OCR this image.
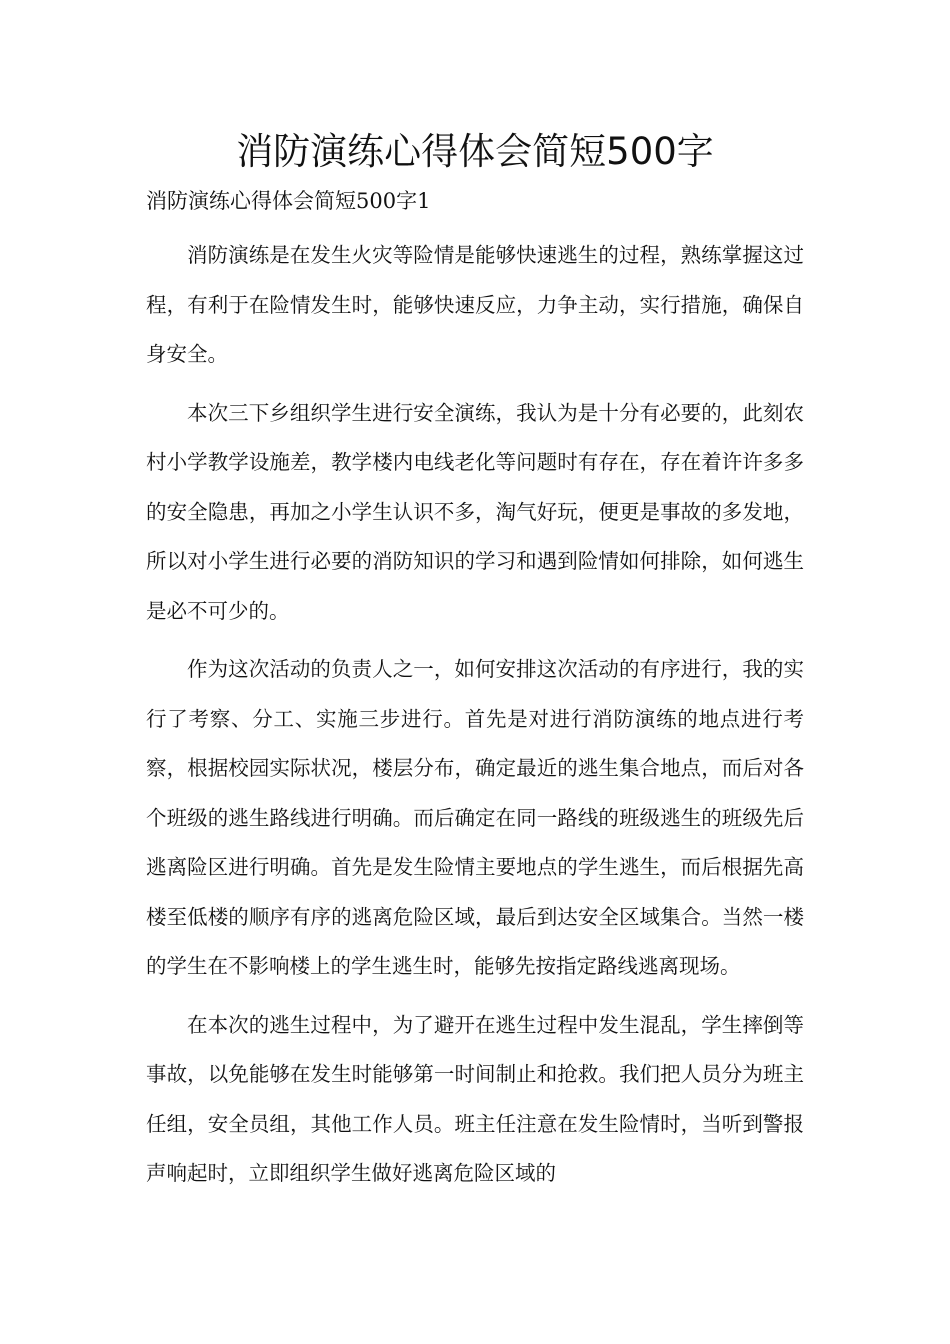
消防演练心得体会简短500字
消防演练心得体会简短500字1

消防演练是在发生火灾等险情是能够快速逃生的过程，熟练掌握这过程，有利于在险情发生时，能够快速反应，力争主动，实行措施，确保自身安全。

本次三下乡组织学生进行安全演练，我认为是十分有必要的，此刻农村小学教学设施差，教学楼内电线老化等问题时有存在，存在着许许多多的安全隐患，再加之小学生认识不多，淘气好玩，便更是事故的多发地，所以对小学生进行必要的消防知识的学习和遇到险情如何排除，如何逃生是必不可少的。

作为这次活动的负责人之一，如何安排这次活动的有序进行，我的实行了考察、分工、实施三步进行。首先是对进行消防演练的地点进行考察，根据校园实际状况，楼层分布，确定最近的逃生集合地点，而后对各个班级的逃生路线进行明确。而后确定在同一路线的班级逃生的班级先后逃离险区进行明确。首先是发生险情主要地点的学生逃生，而后根据先高楼至低楼的顺序有序的逃离危险区域，最后到达安全区域集合。当然一楼的学生在不影响楼上的学生逃生时，能够先按指定路线逃离现场。

在本次的逃生过程中，为了避开在逃生过程中发生混乱，学生摔倒等事故，以免能够在发生时能够第一时间制止和抢救。我们把人员分为班主任组，安全员组，其他工作人员。班主任注意在发生险情时，当听到警报声响起时，立即组织学生做好逃离危险区域的
